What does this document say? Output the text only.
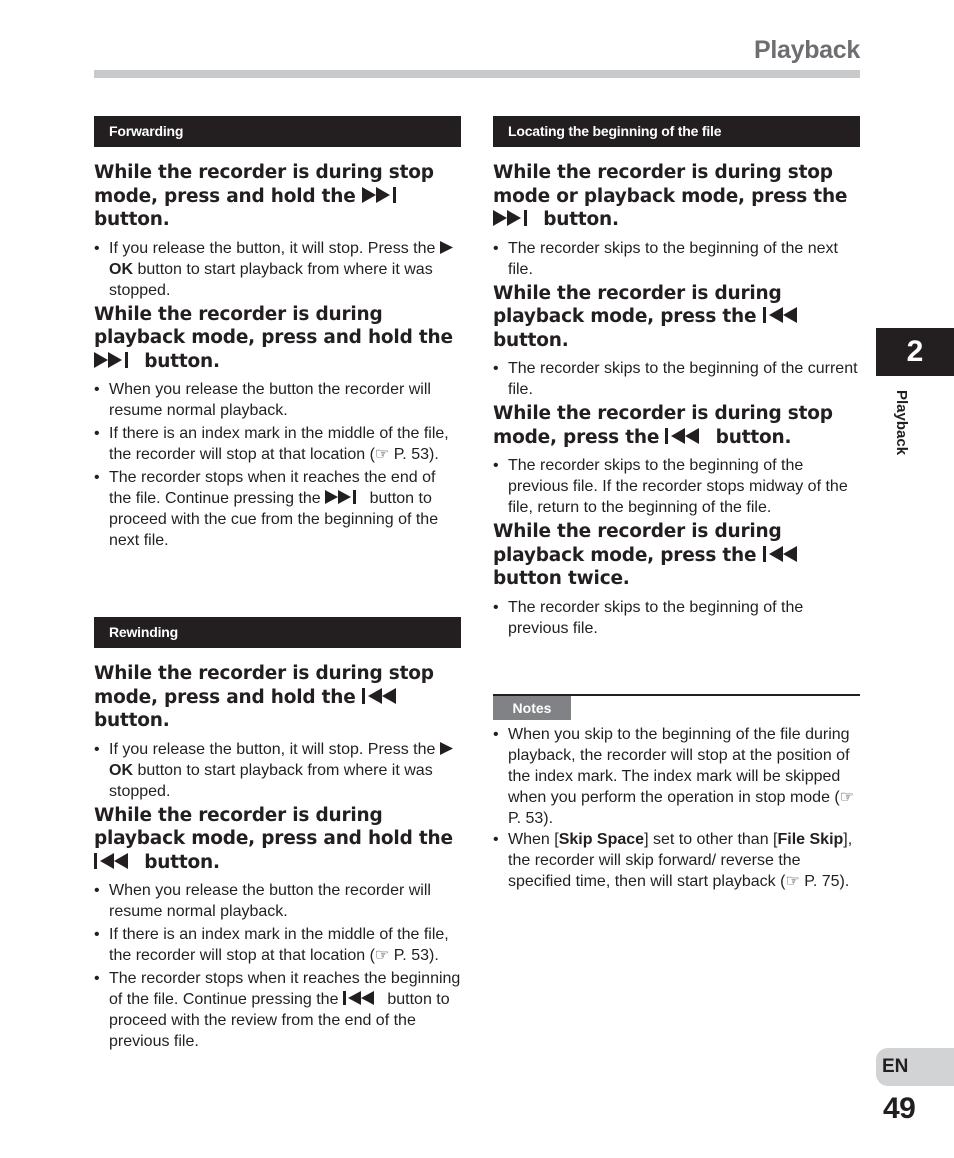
Playback
Forwarding

While the recorder is during stop mode, press and hold the  button.

• If you release the button, it will stop. Press the OK button to start playback from where it was stopped.

While the recorder is during playback mode, press and hold the  button.

• When you release the button the recorder will resume normal playback.
• If there is an index mark in the middle of the file, the recorder will stop at that location (☞ P. 53).
• The recorder stops when it reaches the end of the file. Continue pressing the	button to proceed with the cue from the beginning of the next file.
Rewinding

While the recorder is during stop mode, press and hold the  button.

• If you release the button, it will stop. Press the OK button to start playback from where it was stopped.

While the recorder is during playback mode, press and hold the  button.

• When you release the button the recorder will resume normal playback.
• If there is an index mark in the middle of the file, the recorder will stop at that location (☞ P. 53).
• The recorder stops when it reaches the beginning of the file. Continue pressing the	button to proceed with the review from the end of the previous file.
Locating the beginning of the file

While the recorder is during stop mode or playback mode, press the  button.

• The recorder skips to the beginning of the next file.

While the recorder is during playback mode, press the  button.

• The recorder skips to the beginning of the current file.

While the recorder is during stop mode, press the  button.

• The recorder skips to the beginning of the previous file. If the recorder stops midway of the file, return to the beginning of the file.

While the recorder is during playback mode, press the  button twice.

• The recorder skips to the beginning of the previous file.
Notes
• When you skip to the beginning of the file during playback, the recorder will stop at the position of the index mark. The index mark will be skipped when you perform the operation in stop mode (☞ P. 53).
• When [Skip Space] set to other than [File Skip], the recorder will skip forward/ reverse the specified time, then will start playback (☞ P. 75).
2
Playback
EN
49
